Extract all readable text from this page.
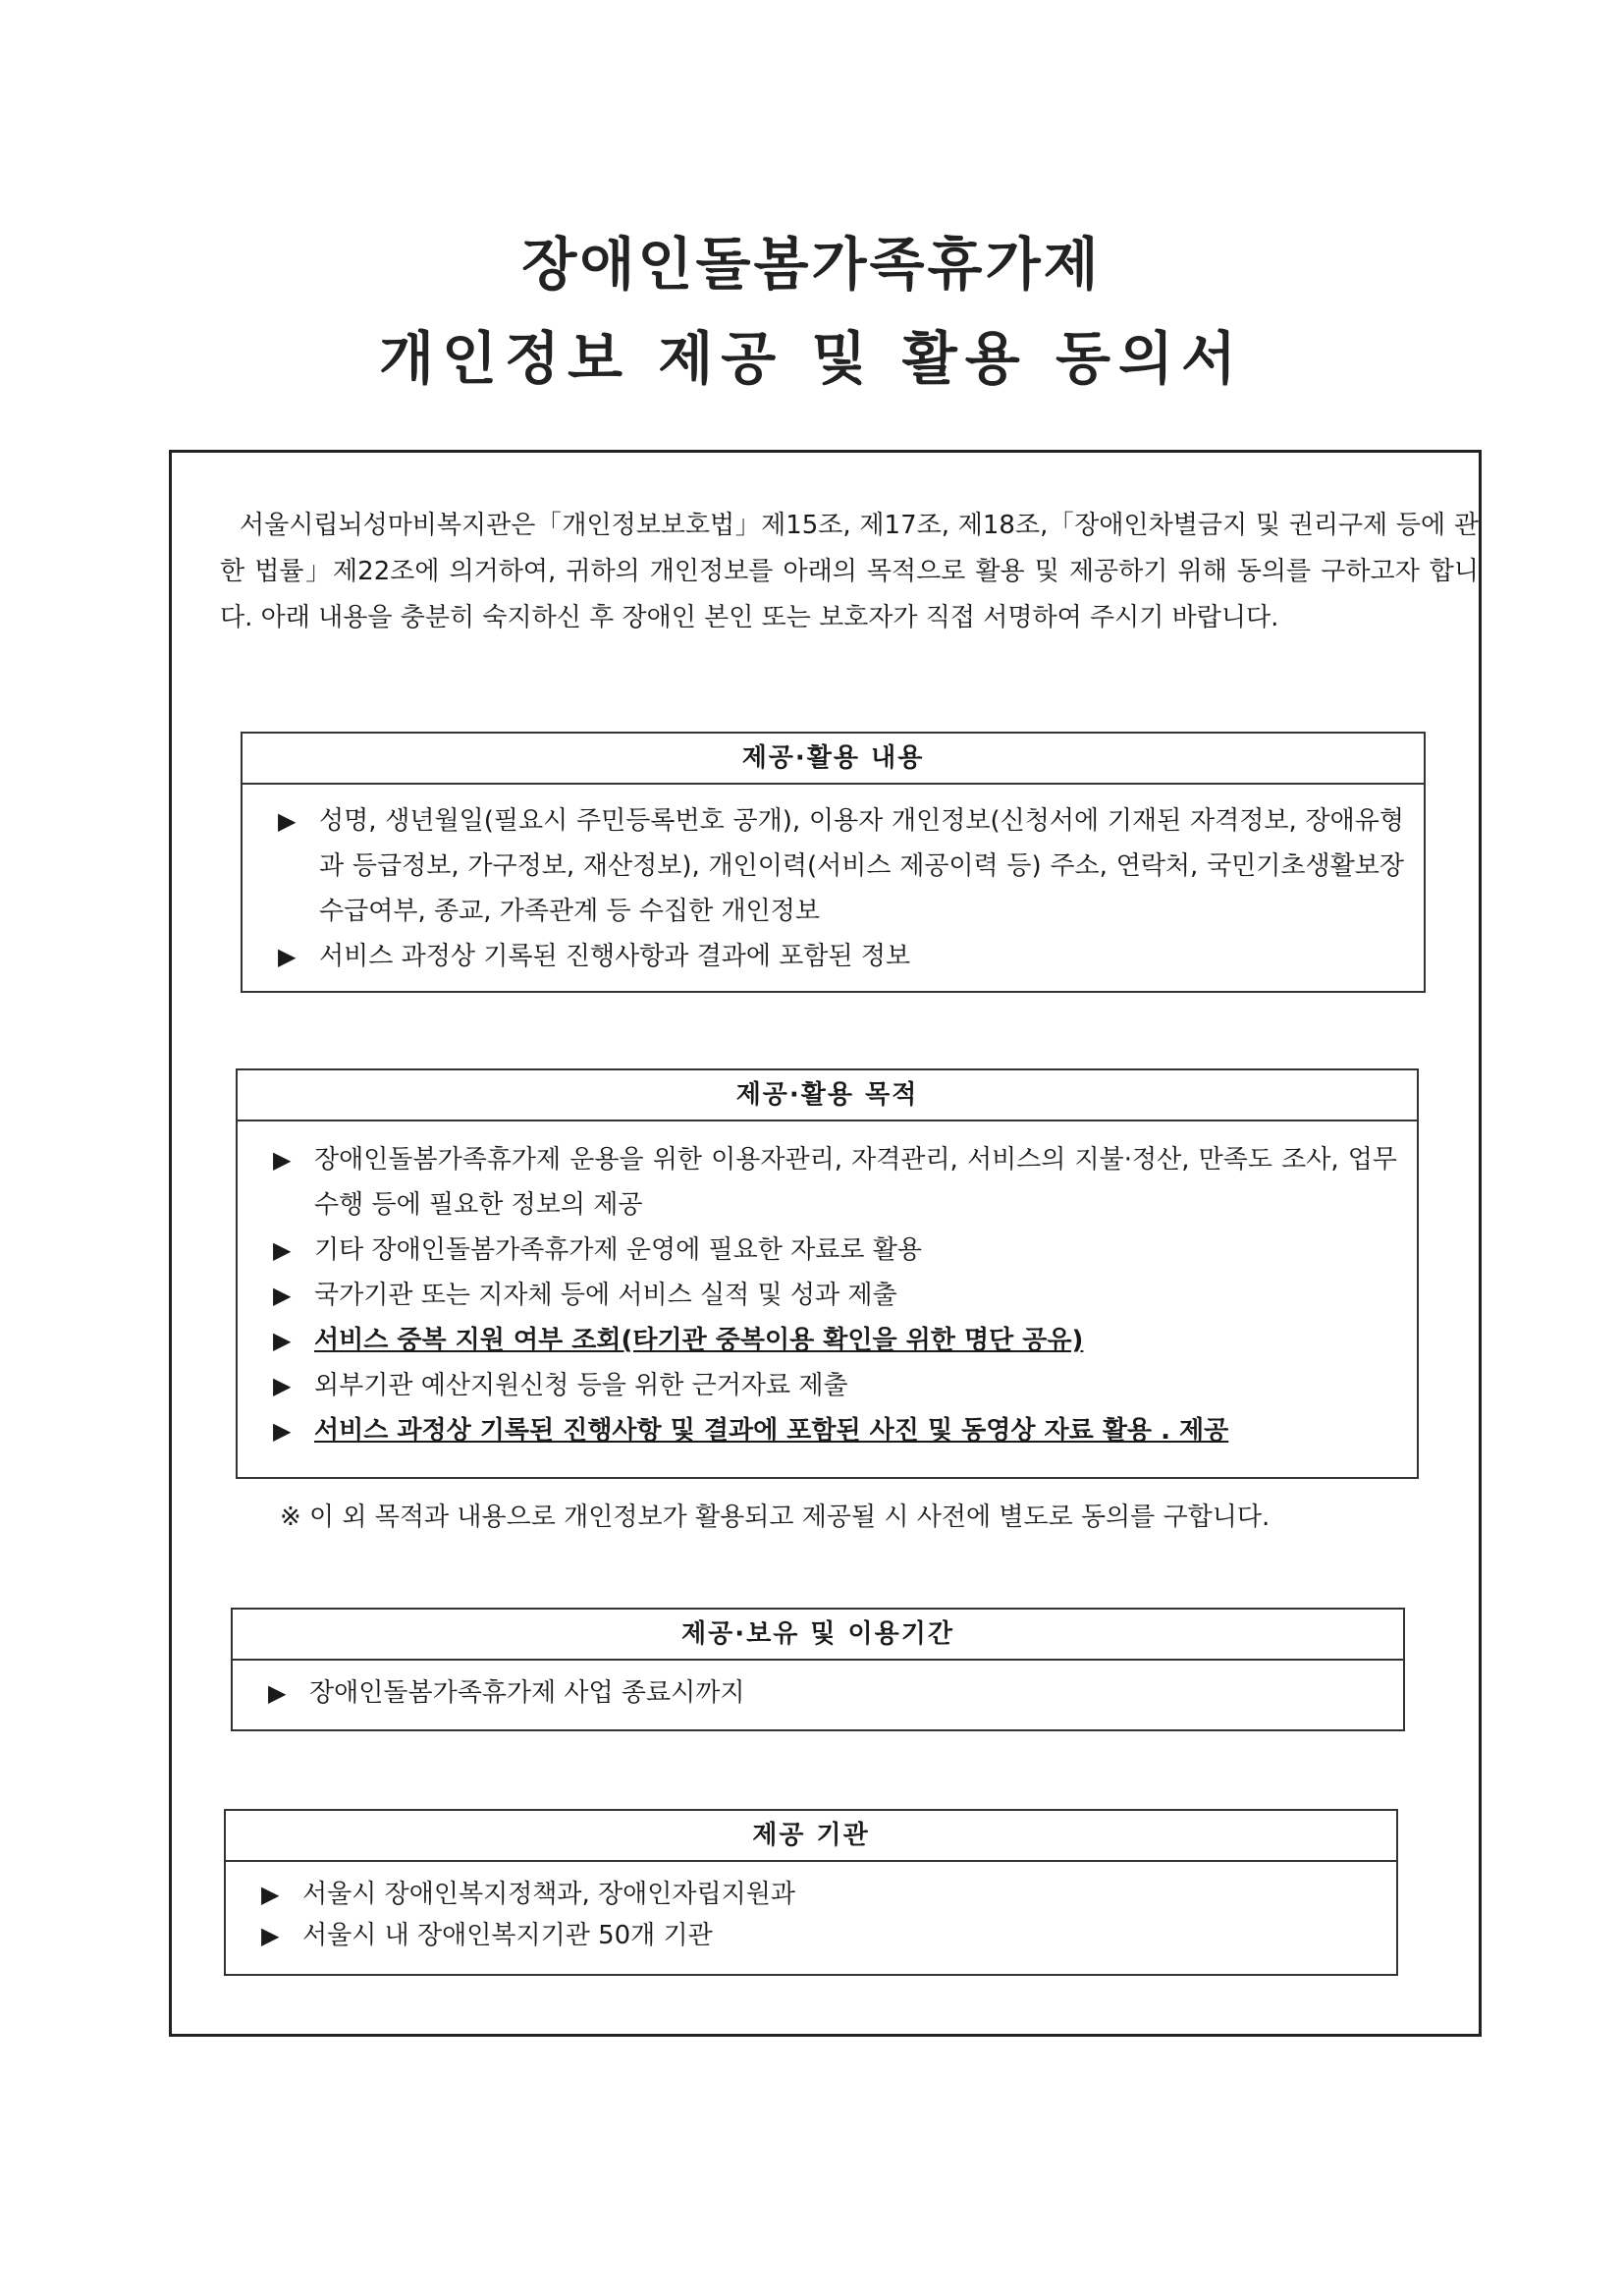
장애인돌봄가족휴가제
개인정보 제공 및 활용 동의서

서울시립뇌성마비복지관은「개인정보보호법」제15조, 제17조, 제18조,「장애인차별금지 및 권리구제 등에 관한 법률」제22조에 의거하여, 귀하의 개인정보를 아래의 목적으로 활용 및 제공하기 위해 동의를 구하고자 합니다. 아래 내용을 충분히 숙지하신 후 장애인 본인 또는 보호자가 직접 서명하여 주시기 바랍니다.

제공·활용 내용
▶ 성명, 생년월일(필요시 주민등록번호 공개), 이용자 개인정보(신청서에 기재된 자격정보, 장애유형과 등급정보, 가구정보, 재산정보), 개인이력(서비스 제공이력 등) 주소, 연락처, 국민기초생활보장수급여부, 종교, 가족관계 등 수집한 개인정보
▶ 서비스 과정상 기록된 진행사항과 결과에 포함된 정보
제공·활용 목적
▶ 장애인돌봄가족휴가제 운용을 위한 이용자관리, 자격관리, 서비스의 지불·정산, 만족도 조사, 업무 수행 등에 필요한 정보의 제공
▶ 기타 장애인돌봄가족휴가제 운영에 필요한 자료로 활용
▶ 국가기관 또는 지자체 등에 서비스 실적 및 성과 제출
▶ 서비스 중복 지원 여부 조회(타기관 중복이용 확인을 위한 명단 공유)
▶ 외부기관 예산지원신청 등을 위한 근거자료 제출
▶ 서비스 과정상 기록된 진행사항 및 결과에 포함된 사진 및 동영상 자료 활용 . 제공
※ 이 외 목적과 내용으로 개인정보가 활용되고 제공될 시 사전에 별도로 동의를 구합니다.
제공·보유 및 이용기간
▶ 장애인돌봄가족휴가제 사업 종료시까지
제공 기관
▶ 서울시 장애인복지정책과, 장애인자립지원과
▶ 서울시 내 장애인복지기관 50개 기관
